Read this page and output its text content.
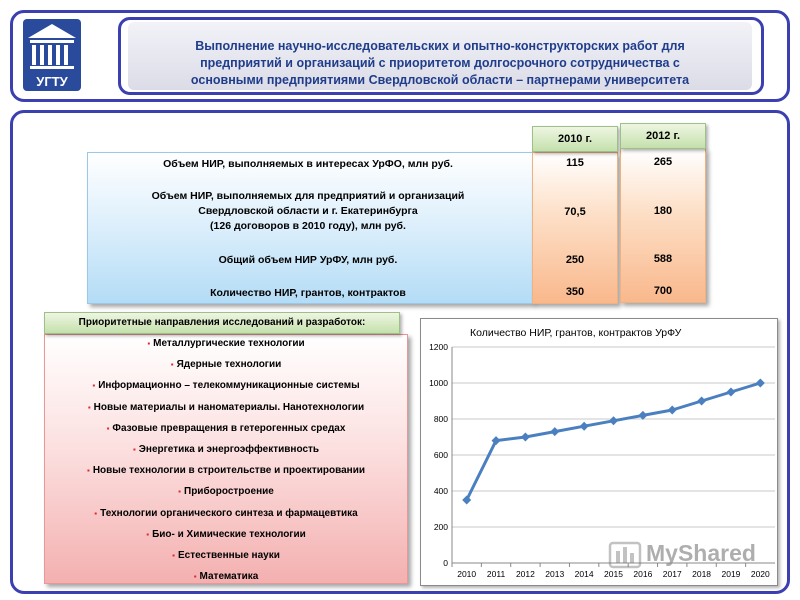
УГТУ
Выполнение научно-исследовательских и опытно-конструкторских работ для
предприятий и организаций с приоритетом долгосрочного сотрудничества с
основными предприятиями Свердловской области – партнерами университета
2010 г.	2012 г.
Объем НИР, выполняемых в интересах УрФО, млн руб.
Объем НИР, выполняемых для предприятий и организаций
Свердловской области и г. Екатеринбурга
(126 договоров в 2010 году), млн руб.
Общий объем НИР УрФУ, млн руб.
Количество НИР, грантов, контрактов
115
70,5
250
350
265
180
588
700
Приоритетные направления исследований и разработок:
▪ Металлургические технологии
▪ Ядерные технологии
▪ Информационно – телекоммуникационные системы
▪ Новые материалы и наноматериалы. Нанотехнологии
▪ Фазовые превращения в гетерогенных средах
▪ Энергетика и энергоэффективность
▪ Новые технологии в строительстве и проектировании
▪ Приборостроение
▪ Технологии органического синтеза и фармацевтика
▪ Био- и Химические технологии
▪ Естественные науки
▪ Математика
0
200
400
600
800
1000
1200
2010 2011 2012 2013 2014 2015 2016 2017 2018 2019 2020
Количество НИР, грантов, контрактов УрФУ
MyShared
